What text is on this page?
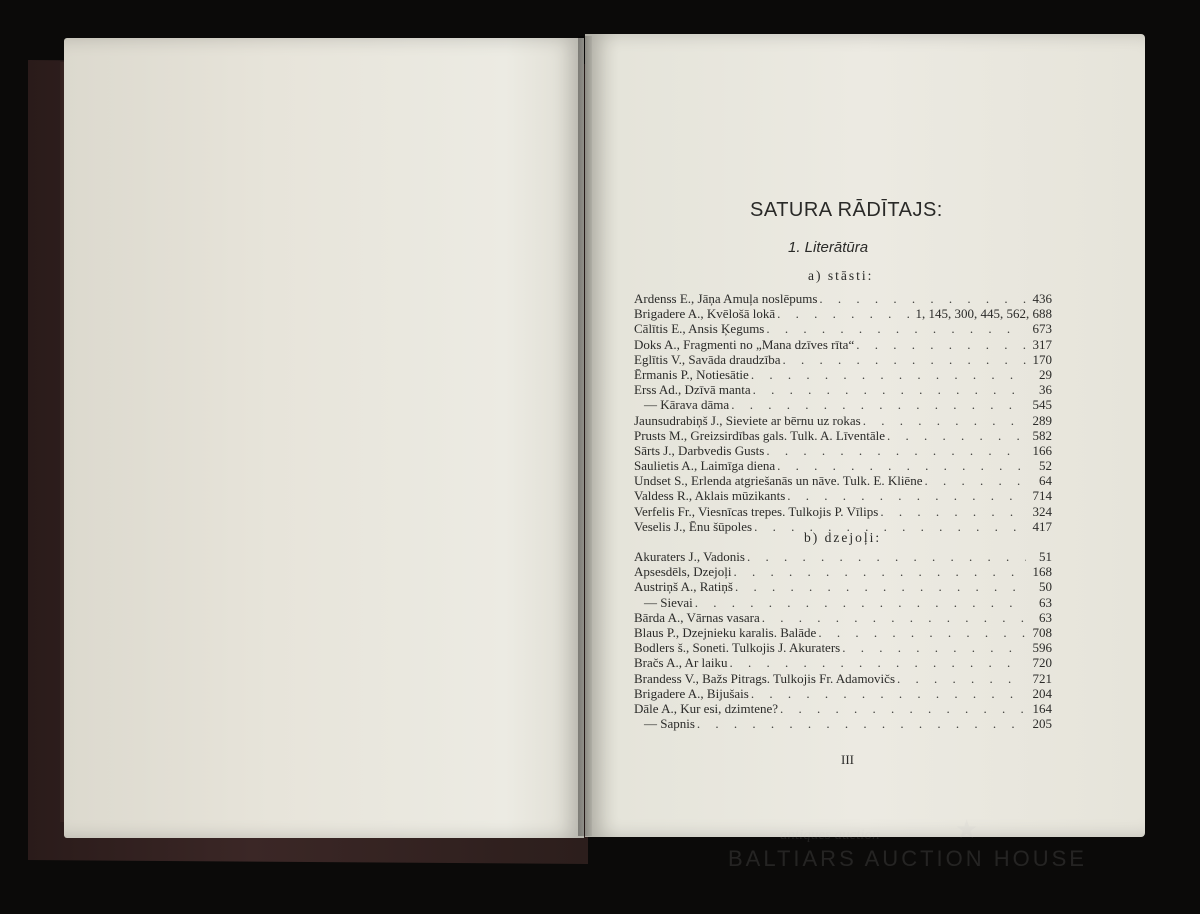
SATURA RĀDĪTAJS:
1. Literātūra
a) stāsti:
Ardenss E., Jāņa Amuļa noslēpums . . .	436
Brigadere A., Kvēlošā lokā . . .	1, 145, 300, 445, 562, 688
Cālītis E., Ansis Ķegums . . .	673
Doks A., Fragmenti no „Mana dzīves rīta“ . . .	317
Eglītis V., Savāda draudzība . . .	170
Ērmanis P., Notiesātie . . .	29
Erss Ad., Dzīvā manta . . .	36
— Kārava dāma . . .	545
Jaunsudrabiņš J., Sieviete ar bērnu uz rokas . . .	289
Prusts M., Greizsirdības gals. Tulk. A. Līventāle . . .	582
Sārts J., Darbvedis Gusts . . .	166
Saulietis A., Laimīga diena . . .	52
Undset S., Erlenda atgriešanās un nāve. Tulk. E. Kliēne . . .	64
Valdess R., Aklais mūzikants . . .	714
Verfelis Fr., Viesnīcas trepes. Tulkojis P. Vīlips . . .	324
Veselis J., Ēnu šūpoles . . .	417
b) dzejoļi:
Akuraters J., Vadonis . . .	51
Apsesdēls, Dzejoļi . . .	168
Austriņš A., Ratiņš . . .	50
— Sievai . . .	63
Bārda A., Vārnas vasara . . .	63
Blaus P., Dzejnieku karalis. Balāde . . .	708
Bodlers š., Soneti. Tulkojis J. Akuraters . . .	596
Bračs A., Ar laiku . . .	720
Brandess V., Bažs Pitrags. Tulkojis Fr. Adamovičs . . .	721
Brigadere A., Bijušais . . .	204
Dāle A., Kur esi, dzimtene? . . .	164
— Sapnis . . .	205
III
antiques auction	★
BALTIARS AUCTION HOUSE
